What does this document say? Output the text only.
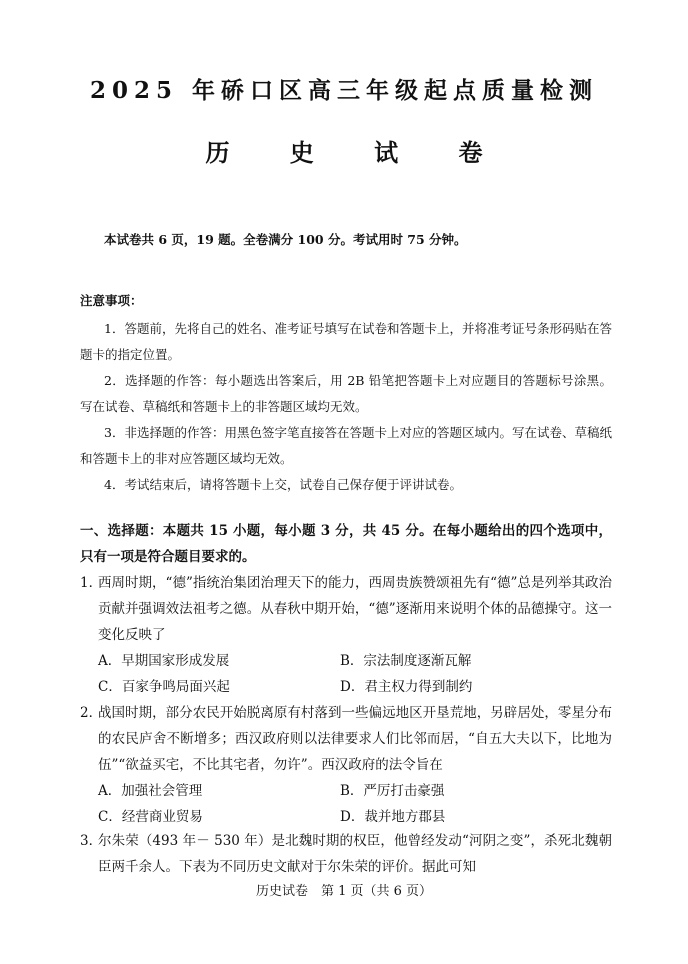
2025 年硚口区高三年级起点质量检测
历 史 试 卷
本试卷共 6 页，19 题。全卷满分 100 分。考试用时 75 分钟。
注意事项：

1．答题前，先将自己的姓名、准考证号填写在试卷和答题卡上，并将准考证号条形码贴在答题卡的指定位置。

2．选择题的作答：每小题选出答案后，用 2B 铅笔把答题卡上对应题目的答题标号涂黑。写在试卷、草稿纸和答题卡上的非答题区域均无效。

3．非选择题的作答：用黑色签字笔直接答在答题卡上对应的答题区域内。写在试卷、草稿纸和答题卡上的非对应答题区域均无效。

4．考试结束后，请将答题卡上交，试卷自己保存便于评讲试卷。

一、选择题：本题共 15 小题，每小题 3 分，共 45 分。在每小题给出的四个选项中，只有一项是符合题目要求的。
1．
西周时期，“德”指统治集团治理天下的能力，西周贵族赞颂祖先有“德”总是列举其政治贡献并强调效法祖考之德。从春秋中期开始，“德”逐渐用来说明个体的品德操守。这一变化反映了
A．早期国家形成发展	B．宗法制度逐渐瓦解
C．百家争鸣局面兴起	D．君主权力得到制约
2．
战国时期，部分农民开始脱离原有村落到一些偏远地区开垦荒地，另辟居处，零星分布的农民庐舍不断增多；西汉政府则以法律要求人们比邻而居，“自五大夫以下，比地为伍”“欲益买宅，不比其宅者，勿许”。西汉政府的法令旨在
A．加强社会管理	B．严厉打击豪强
C．经营商业贸易	D．裁并地方郡县
3．
尔朱荣（493 年－ 530 年）是北魏时期的权臣，他曾经发动“河阴之变”，杀死北魏朝臣两千余人。下表为不同历史文献对于尔朱荣的评价。据此可知
历史试卷　第 1 页（共 6 页）
